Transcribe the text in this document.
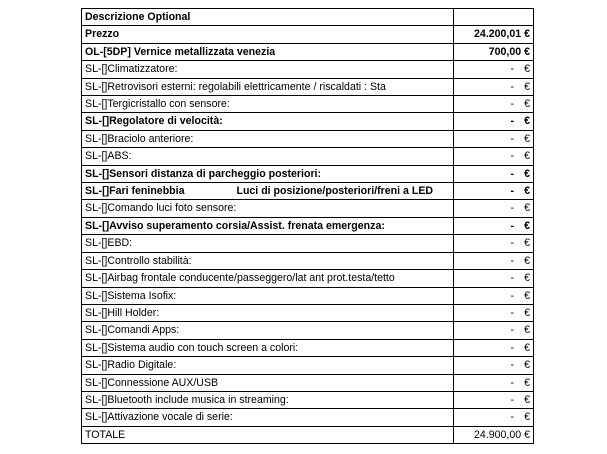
Descrizione Optional	
Prezzo	24.200,01 €
OL-[5DP] Vernice metallizzata venezia	700,00 €
SL-[]Climatizzatore:	- €
SL-[]Retrovisori esterni: regolabili elettricamente / riscaldati : Sta	- €
SL-[]Tergicristallo con sensore:	- €
SL-[]Regolatore di velocità:	- €
SL-[]Braciolo anteriore:	- €
SL-[]ABS:	- €
SL-[]Sensori distanza di parcheggio posteriori:	- €
SL-[]Fari feninebbia Luci di posizione/posteriori/freni a LED	- €
SL-[]Comando luci foto sensore:	- €
SL-[]Avviso superamento corsia/Assist. frenata emergenza:	- €
SL-[]EBD:	- €
SL-[]Controllo stabilità:	- €
SL-[]Airbag frontale conducente/passeggero/lat ant prot.testa/tetto	- €
SL-[]Sistema Isofix:	- €
SL-[]Hill Holder:	- €
SL-[]Comandi Apps:	- €
SL-[]Sistema audio con touch screen a colori:	- €
SL-[]Radio Digitale:	- €
SL-[]Connessione AUX/USB	- €
SL-[]Bluetooth include musica in streaming:	- €
SL-[]Attivazione vocale di serie:	- €
TOTALE	24.900,00 €
